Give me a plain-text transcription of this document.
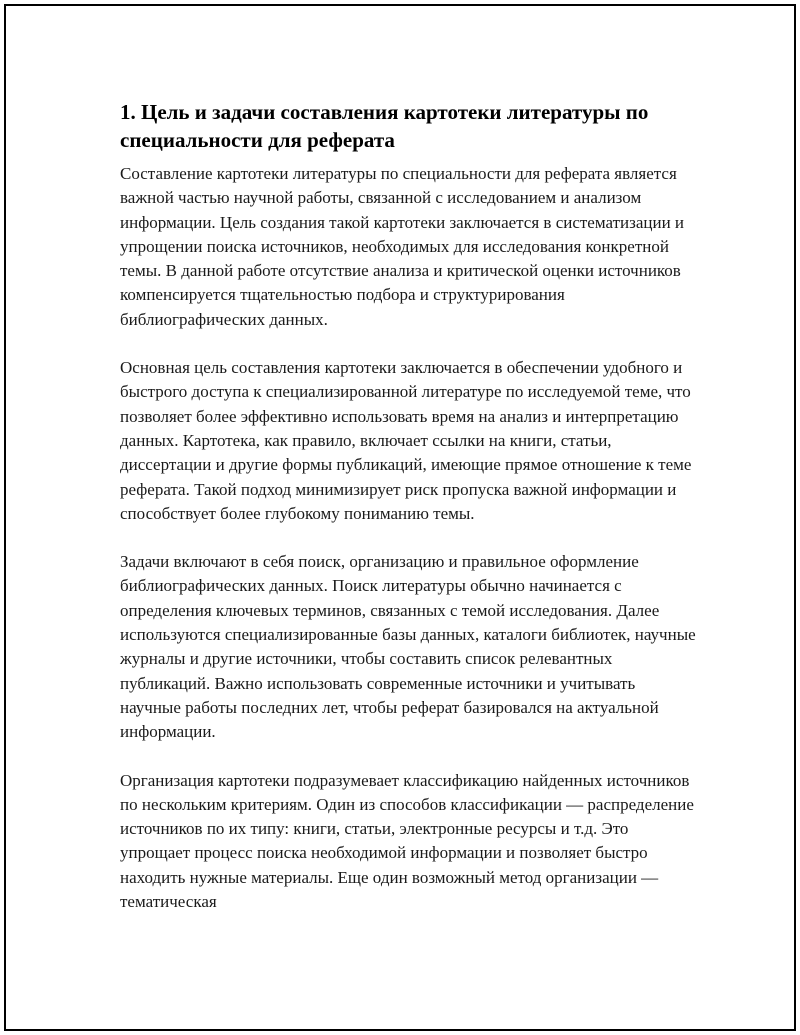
1. Цель и задачи составления картотеки литературы по специальности для реферата

Составление картотеки литературы по специальности для реферата является важной частью научной работы, связанной с исследованием и анализом информации. Цель создания такой картотеки заключается в систематизации и упрощении поиска источников, необходимых для исследования конкретной темы. В данной работе отсутствие анализа и критической оценки источников компенсируется тщательностью подбора и структурирования библиографических данных.

Основная цель составления картотеки заключается в обеспечении удобного и быстрого доступа к специализированной литературе по исследуемой теме, что позволяет более эффективно использовать время на анализ и интерпретацию данных. Картотека, как правило, включает ссылки на книги, статьи, диссертации и другие формы публикаций, имеющие прямое отношение к теме реферата. Такой подход минимизирует риск пропуска важной информации и способствует более глубокому пониманию темы.

Задачи включают в себя поиск, организацию и правильное оформление библиографических данных. Поиск литературы обычно начинается с определения ключевых терминов, связанных с темой исследования. Далее используются специализированные базы данных, каталоги библиотек, научные журналы и другие источники, чтобы составить список релевантных публикаций. Важно использовать современные источники и учитывать научные работы последних лет, чтобы реферат базировался на актуальной информации.

Организация картотеки подразумевает классификацию найденных источников по нескольким критериям. Один из способов классификации — распределение источников по их типу: книги, статьи, электронные ресурсы и т.д. Это упрощает процесс поиска необходимой информации и позволяет быстро находить нужные материалы. Еще один возможный метод организации — тематическая
